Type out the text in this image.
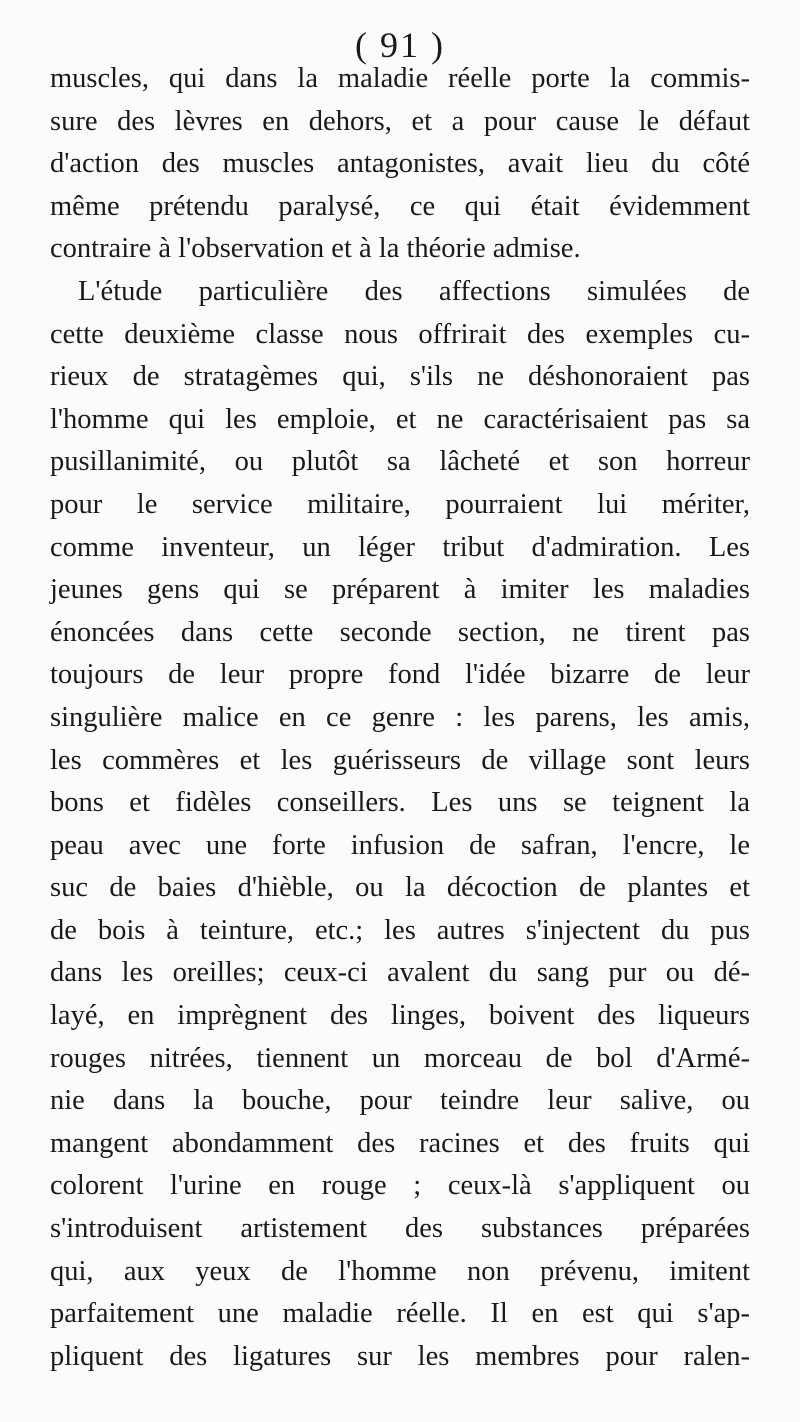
( 91 )
muscles, qui dans la maladie réelle porte la commis-
sure des lèvres en dehors, et a pour cause le défaut
d'action des muscles antagonistes, avait lieu du côté
même prétendu paralysé, ce qui était évidemment
contraire à l'observation et à la théorie admise.
L'étude particulière des affections simulées de
cette deuxième classe nous offrirait des exemples cu-
rieux de stratagèmes qui, s'ils ne déshonoraient pas
l'homme qui les emploie, et ne caractérisaient pas sa
pusillanimité, ou plutôt sa lâcheté et son horreur
pour le service militaire, pourraient lui mériter,
comme inventeur, un léger tribut d'admiration. Les
jeunes gens qui se préparent à imiter les maladies
énoncées dans cette seconde section, ne tirent pas
toujours de leur propre fond l'idée bizarre de leur
singulière malice en ce genre : les parens, les amis,
les commères et les guérisseurs de village sont leurs
bons et fidèles conseillers. Les uns se teignent la
peau avec une forte infusion de safran, l'encre, le
suc de baies d'hièble, ou la décoction de plantes et
de bois à teinture, etc.; les autres s'injectent du pus
dans les oreilles; ceux-ci avalent du sang pur ou dé-
layé, en imprègnent des linges, boivent des liqueurs
rouges nitrées, tiennent un morceau de bol d'Armé-
nie dans la bouche, pour teindre leur salive, ou
mangent abondamment des racines et des fruits qui
colorent l'urine en rouge ; ceux-là s'appliquent ou
s'introduisent artistement des substances préparées
qui, aux yeux de l'homme non prévenu, imitent
parfaitement une maladie réelle. Il en est qui s'ap-
pliquent des ligatures sur les membres pour ralen-
